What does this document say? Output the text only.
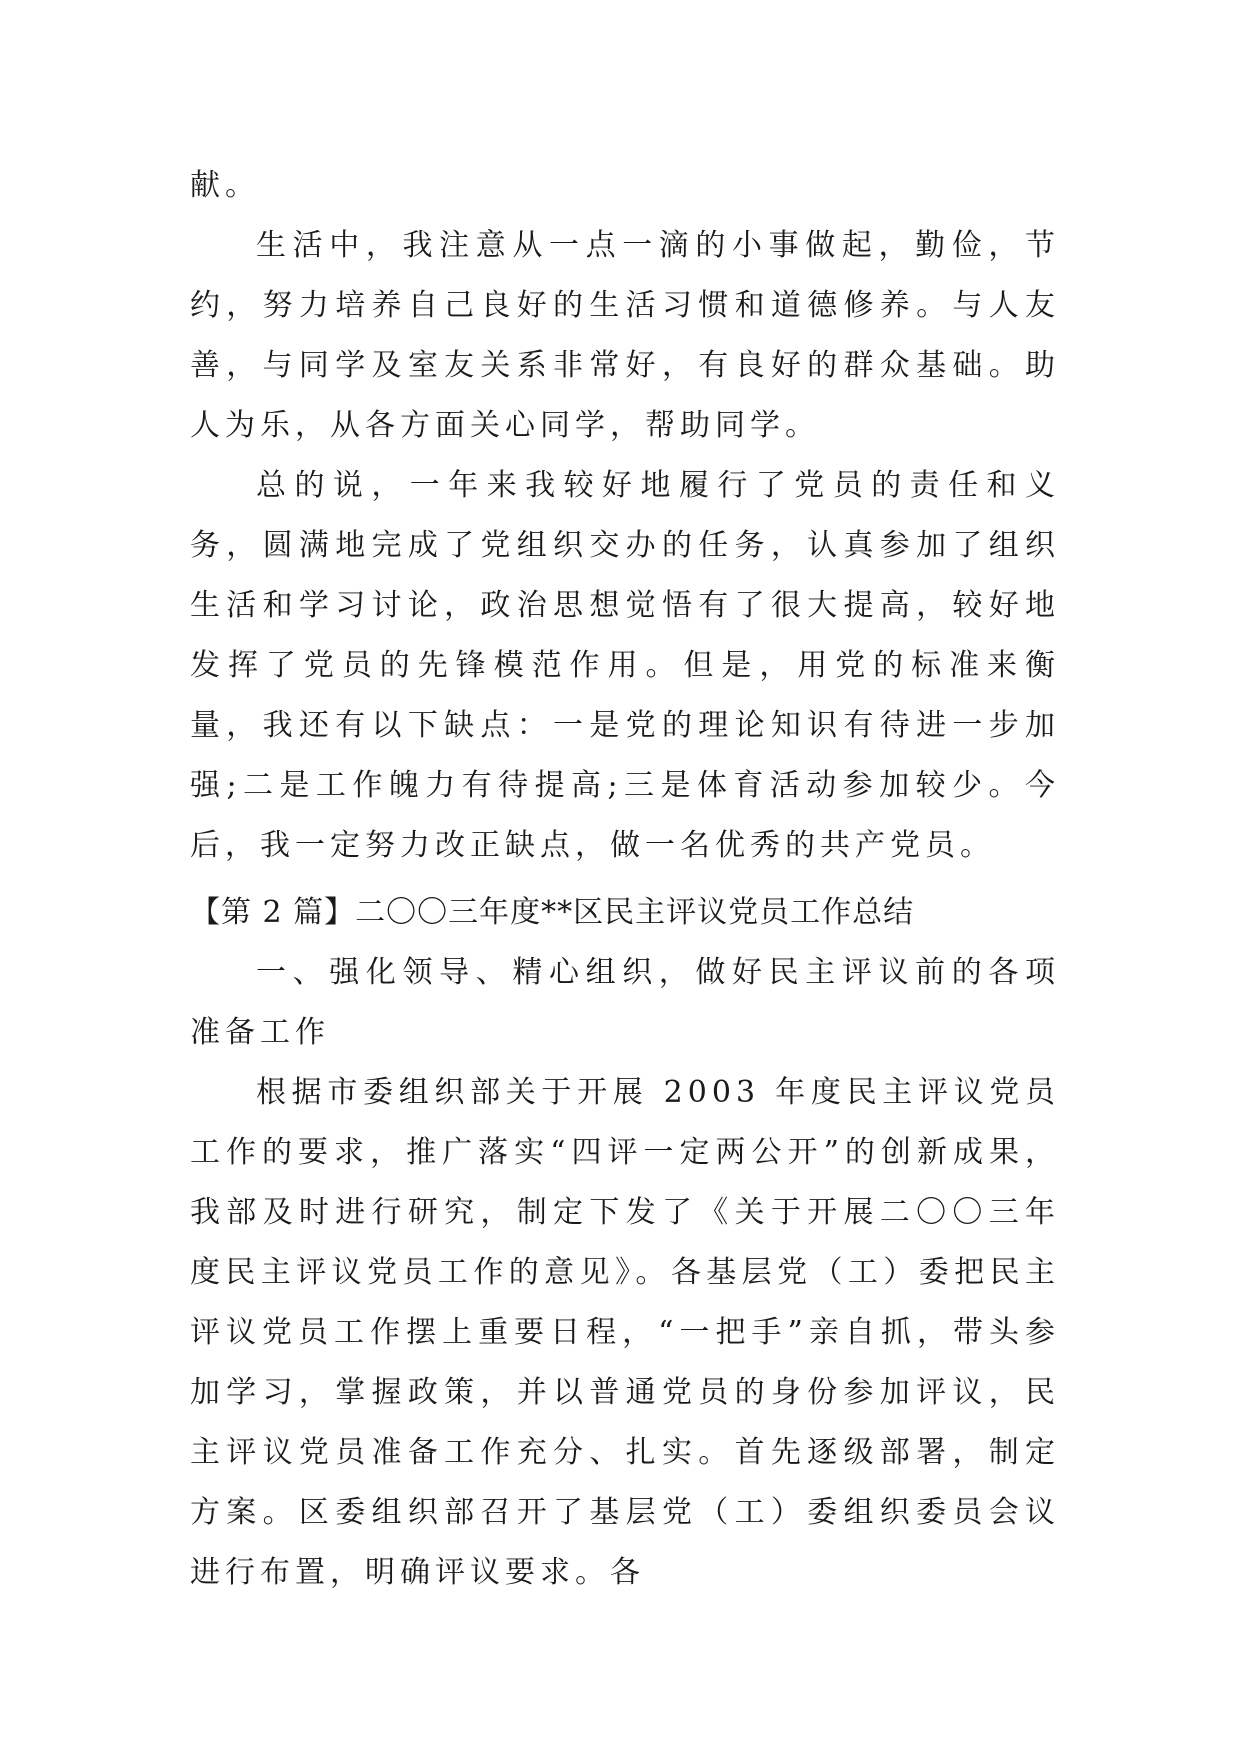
献。

生活中，我注意从一点一滴的小事做起，勤俭，节约，努力培养自己良好的生活习惯和道德修养。与人友善，与同学及室友关系非常好，有良好的群众基础。助人为乐，从各方面关心同学，帮助同学。

总的说，一年来我较好地履行了党员的责任和义务，圆满地完成了党组织交办的任务，认真参加了组织生活和学习讨论，政治思想觉悟有了很大提高，较好地发挥了党员的先锋模范作用。但是，用党的标准来衡量，我还有以下缺点：一是党的理论知识有待进一步加强;二是工作魄力有待提高;三是体育活动参加较少。今后，我一定努力改正缺点，做一名优秀的共产党员。

【第 2 篇】二〇〇三年度**区民主评议党员工作总结

一、强化领导、精心组织，做好民主评议前的各项准备工作

根据市委组织部关于开展 2003 年度民主评议党员工作的要求，推广落实“四评一定两公开”的创新成果，我部及时进行研究，制定下发了《关于开展二〇〇三年度民主评议党员工作的意见》。各基层党（工）委把民主评议党员工作摆上重要日程，“一把手”亲自抓，带头参加学习，掌握政策，并以普通党员的身份参加评议，民主评议党员准备工作充分、扎实。首先逐级部署，制定方案。区委组织部召开了基层党（工）委组织委员会议进行布置，明确评议要求。各
